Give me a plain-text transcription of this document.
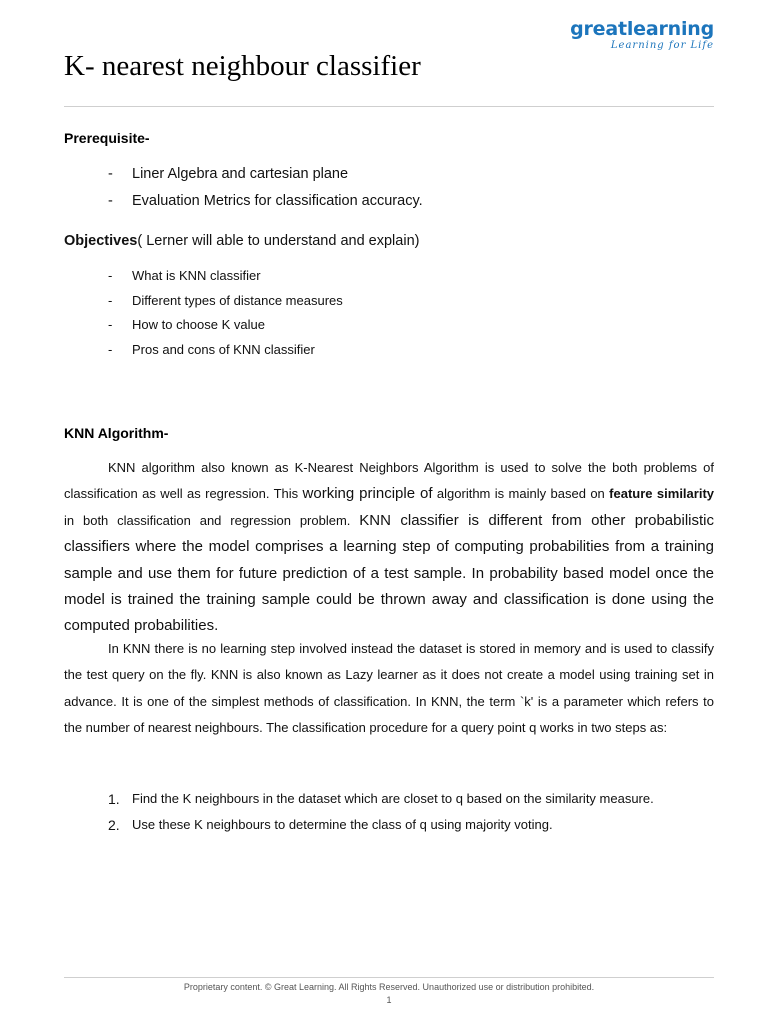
greatlearning
Learning for Life
K- nearest neighbour classifier
Prerequisite-
- Liner Algebra and cartesian plane
- Evaluation Metrics for classification accuracy.

Objectives( Lerner will able to understand and explain)

- What is KNN classifier
- Different types of distance measures
- How to choose K value
- Pros and cons of KNN classifier
KNN Algorithm-

KNN algorithm also known as K-Nearest Neighbors Algorithm is used to solve the both problems of classification as well as regression. This working principle of algorithm is mainly based on feature similarity in both classification and regression problem. KNN classifier is different from other probabilistic classifiers where the model comprises a learning step of computing probabilities from a training sample and use them for future prediction of a test sample. In probability based model once the model is trained the training sample could be thrown away and classification is done using the computed probabilities.

In KNN there is no learning step involved instead the dataset is stored in memory and is used to classify the test query on the fly. KNN is also known as Lazy learner as it does not create a model using training set in advance. It is one of the simplest methods of classification. In KNN, the term `k' is a parameter which refers to the number of nearest neighbours. The classification procedure for a query point q works in two steps as:

1. Find the K neighbours in the dataset which are closet to q based on the similarity measure.
2. Use these K neighbours to determine the class of q using majority voting.
Proprietary content. © Great Learning. All Rights Reserved. Unauthorized use or distribution prohibited.
1
